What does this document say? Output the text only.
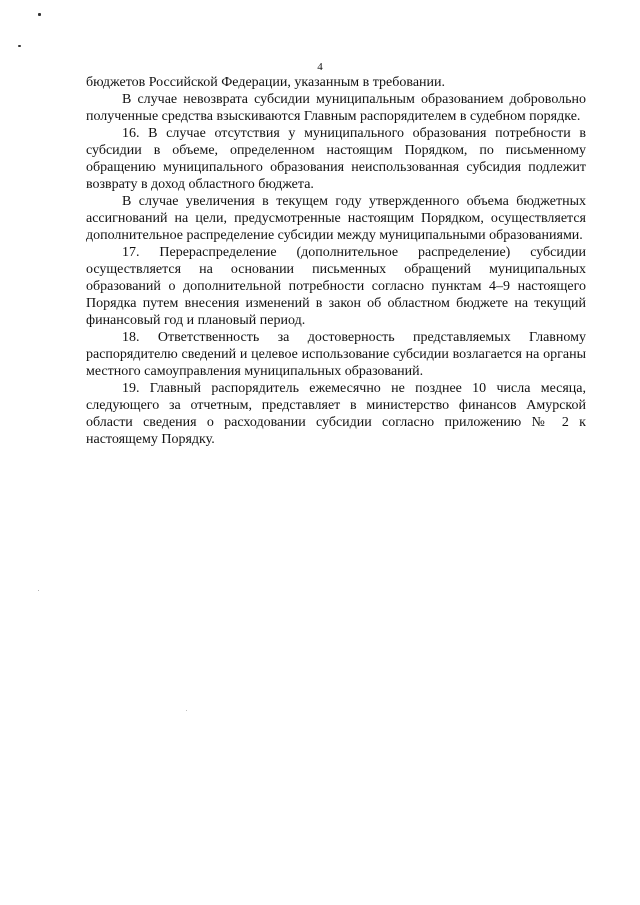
4

бюджетов Российской Федерации, указанным в требовании.

В случае невозврата субсидии муниципальным образованием добровольно полученные средства взыскиваются Главным распорядителем в судебном порядке.

16. В случае отсутствия у муниципального образования потребности в субсидии в объеме, определенном настоящим Порядком, по письменному обращению муниципального образования неиспользованная субсидия подлежит возврату в доход областного бюджета.

В случае увеличения в текущем году утвержденного объема бюджетных ассигнований на цели, предусмотренные настоящим Порядком, осуществляется дополнительное распределение субсидии между муниципальными образованиями.

17. Перераспределение (дополнительное распределение) субсидии осуществляется на основании письменных обращений муниципальных образований о дополнительной потребности согласно пунктам 4–9 настоящего Порядка путем внесения изменений в закон об областном бюджете на текущий финансовый год и плановый период.

18. Ответственность за достоверность представляемых Главному распорядителю сведений и целевое использование субсидии возлагается на органы местного самоуправления муниципальных образований.

19. Главный распорядитель ежемесячно не позднее 10 числа месяца, следующего за отчетным, представляет в министерство финансов Амурской области сведения о расходовании субсидии согласно приложению № 2 к настоящему Порядку.
